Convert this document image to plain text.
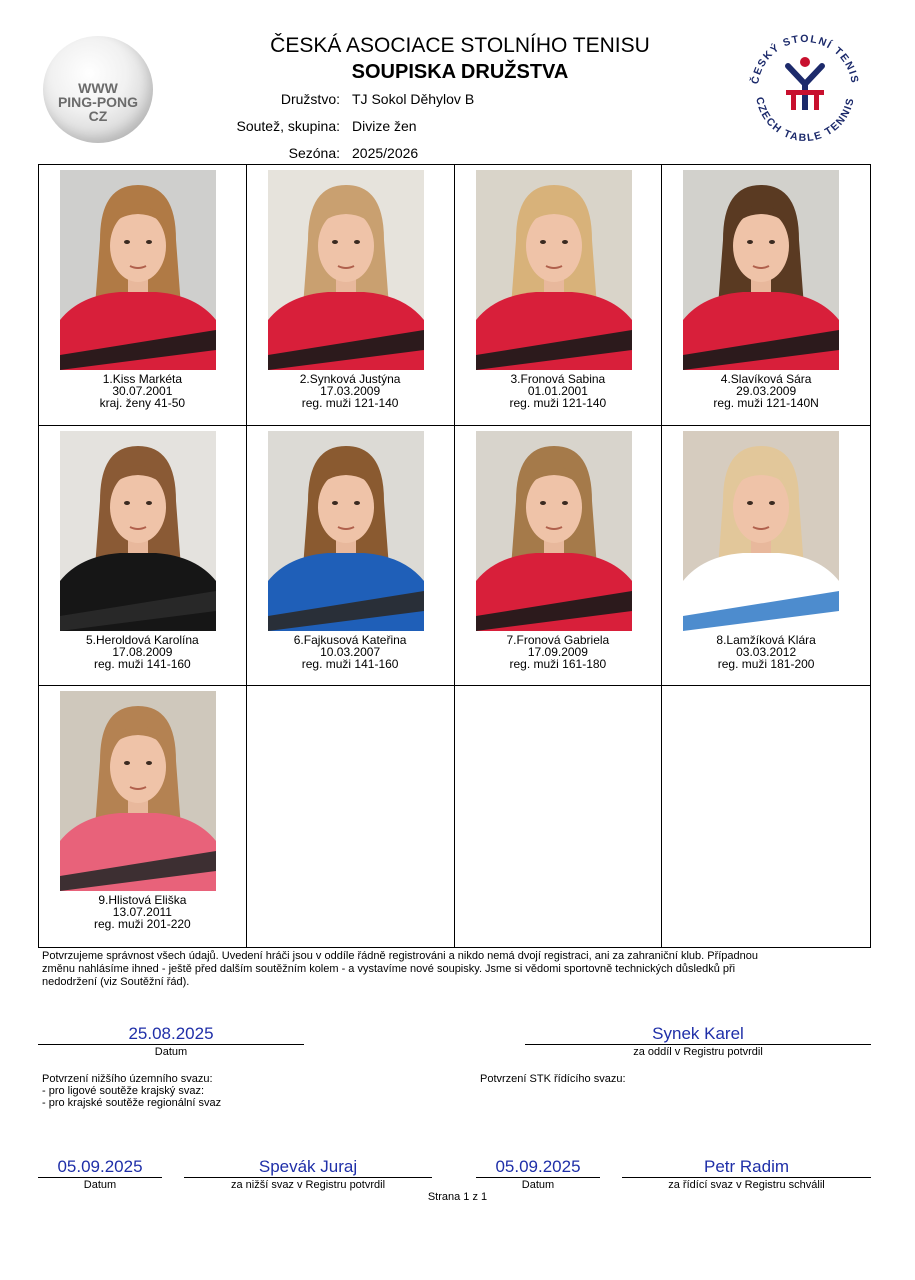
WWW
PING-PONG
CZ
ČESKÁ ASOCIACE STOLNÍHO TENISU
SOUPISKA DRUŽSTVA
Družstvo: TJ Sokol Děhylov B
Soutež, skupina: Divize žen
Sezóna: 2025/2026
ČESKÝ STOLNÍ TENIS
CZECH TABLE TENNIS
1.Kiss Markéta
30.07.2001
kraj. ženy 41-50
2.Synková Justýna
17.03.2009
reg. muži 121-140
3.Fronová Sabina
01.01.2001
reg. muži 121-140
4.Slavíková Sára
29.03.2009
reg. muži 121-140N
5.Heroldová Karolína
17.08.2009
reg. muži 141-160
6.Fajkusová Kateřina
10.03.2007
reg. muži 141-160
7.Fronová Gabriela
17.09.2009
reg. muži 161-180
8.Lamžíková Klára
03.03.2012
reg. muži 181-200
9.Hlistová Eliška
13.07.2011
reg. muži 201-220
Potvrzujeme správnost všech údajů. Uvedení hráči jsou v oddíle řádně registrováni a nikdo nemá dvojí registraci, ani za zahraniční klub. Případnou změnu nahlásíme ihned - ještě před dalším soutěžním kolem - a vystavíme nové soupisky. Jsme si vědomi sportovně technických důsledků při nedodržení (viz Soutěžní řád).
25.08.2025
Datum
Synek Karel
za oddíl v Registru potvrdil
Potvrzení nižšího územního svazu:
- pro ligové soutěže krajský svaz:
- pro krajské soutěže regionální svaz
Potvrzení STK řídícího svazu:
05.09.2025
Datum
Spevák Juraj
za nižší svaz v Registru potvrdil
05.09.2025
Datum
Petr Radim
za řídící svaz v Registru schválil
Strana 1 z 1
